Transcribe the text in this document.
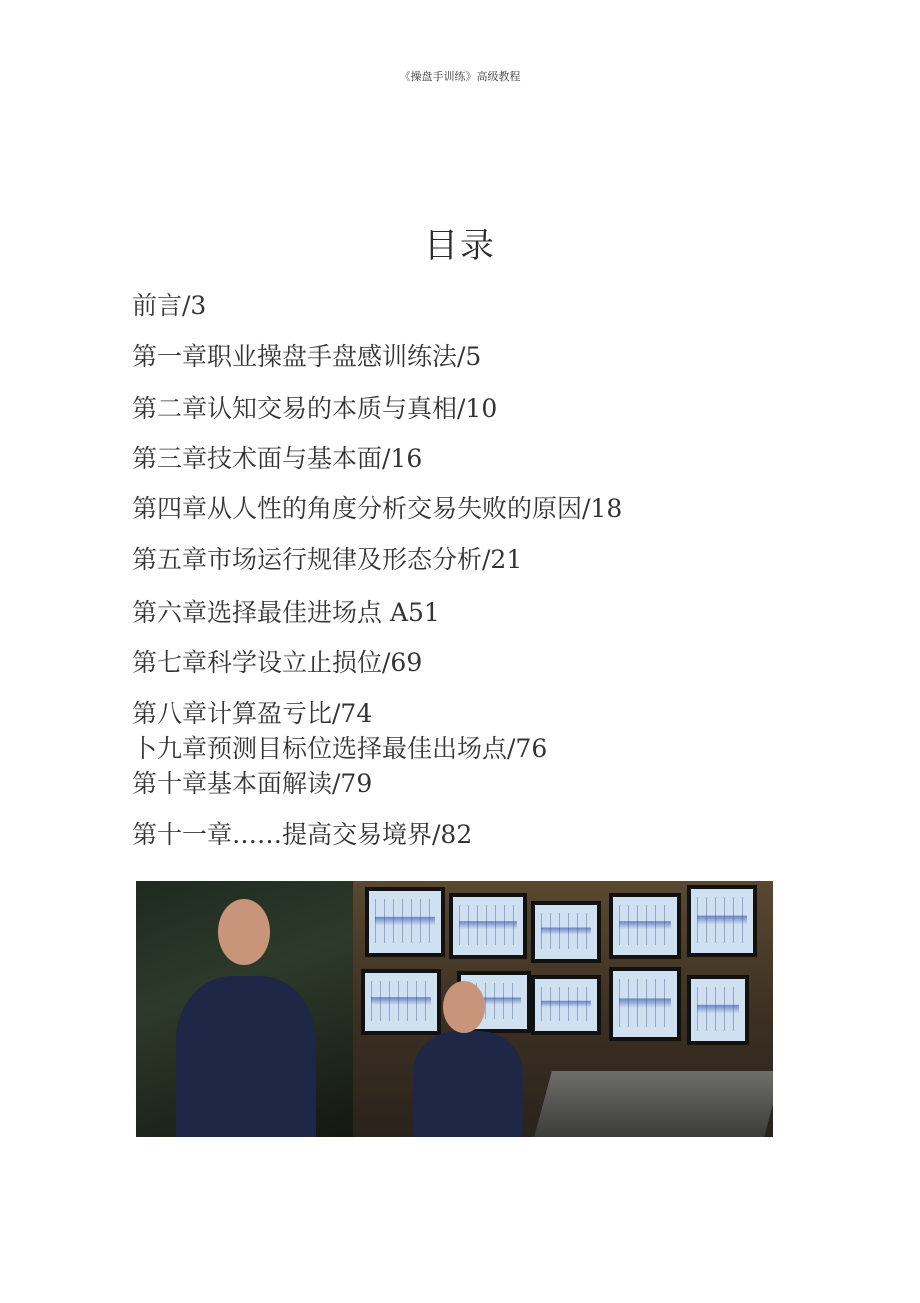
《操盘手训练》高级教程
目录
前言/3
第一章职业操盘手盘感训练法/5
第二章认知交易的本质与真相/10
第三章技术面与基本面/16
第四章从人性的角度分析交易失败的原因/18
第五章市场运行规律及形态分析/21
第六章选择最佳进场点 A51
第七章科学设立止损位/69
第八章计算盈亏比/74
卜九章预测目标位选择最佳出场点/76
第十章基本面解读/79
第十一章……提高交易境界/82
